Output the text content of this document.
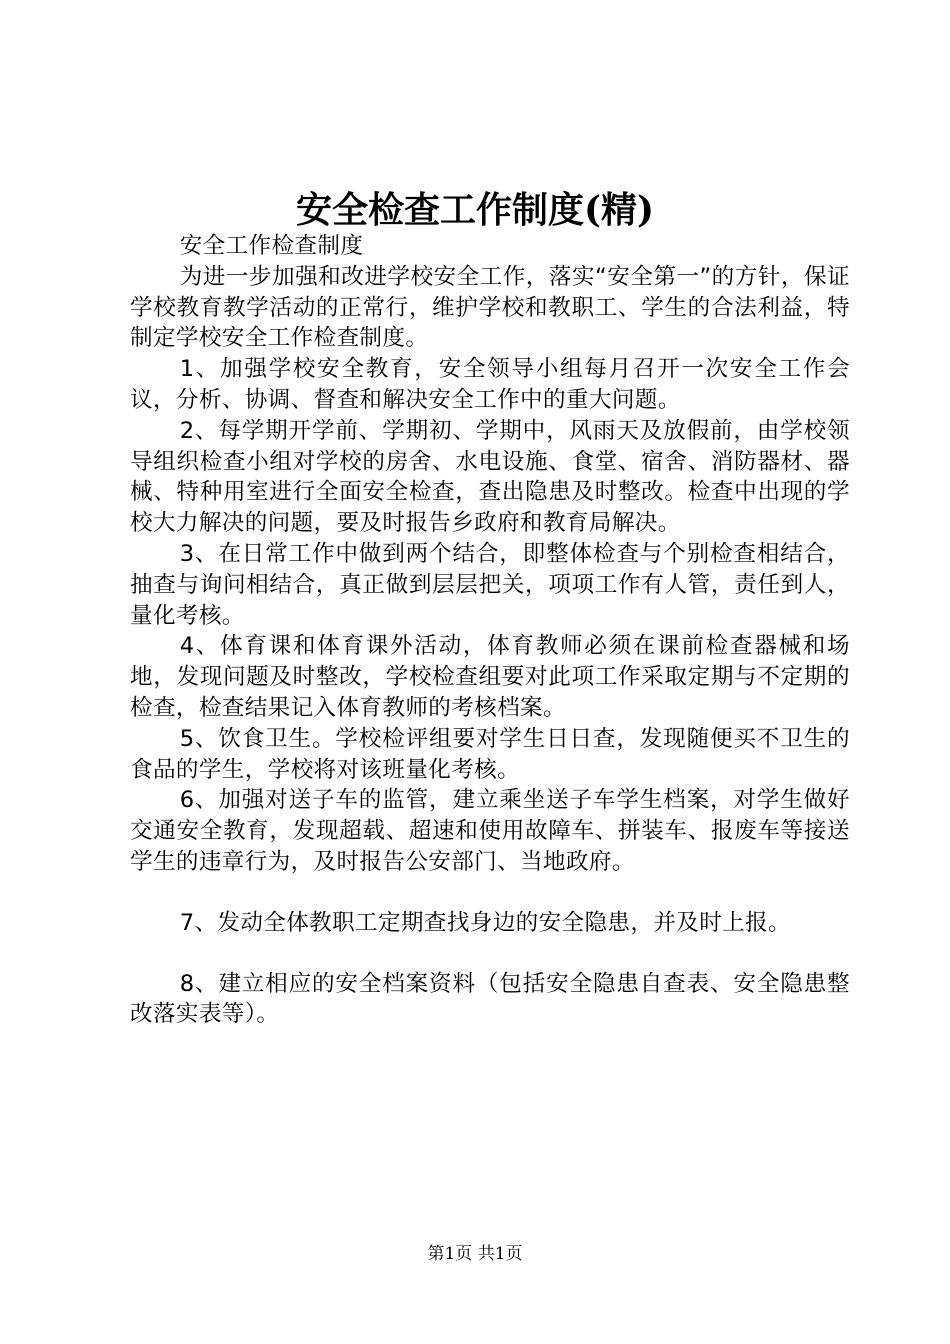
安全检查工作制度(精)

安全工作检查制度

为进一步加强和改进学校安全工作，落实“安全第一”的方针，保证学校教育教学活动的正常行，维护学校和教职工、学生的合法利益，特制定学校安全工作检查制度。

1、加强学校安全教育，安全领导小组每月召开一次安全工作会议，分析、协调、督查和解决安全工作中的重大问题。

2、每学期开学前、学期初、学期中，风雨天及放假前，由学校领导组织检查小组对学校的房舍、水电设施、食堂、宿舍、消防器材、器械、特种用室进行全面安全检查，查出隐患及时整改。检查中出现的学校大力解决的问题，要及时报告乡政府和教育局解决。

3、在日常工作中做到两个结合，即整体检查与个别检查相结合，抽查与询问相结合，真正做到层层把关，项项工作有人管，责任到人，量化考核。

4、体育课和体育课外活动，体育教师必须在课前检查器械和场地，发现问题及时整改，学校检查组要对此项工作采取定期与不定期的检查，检查结果记入体育教师的考核档案。

5、饮食卫生。学校检评组要对学生日日查，发现随便买不卫生的食品的学生，学校将对该班量化考核。

6、加强对送子车的监管，建立乘坐送子车学生档案，对学生做好交通安全教育，发现超载、超速和使用故障车、拼装车、报废车等接送学生的违章行为，及时报告公安部门、当地政府。

7、发动全体教职工定期查找身边的安全隐患，并及时上报。

8、建立相应的安全档案资料（包括安全隐患自查表、安全隐患整改落实表等）。

第1页 共1页
